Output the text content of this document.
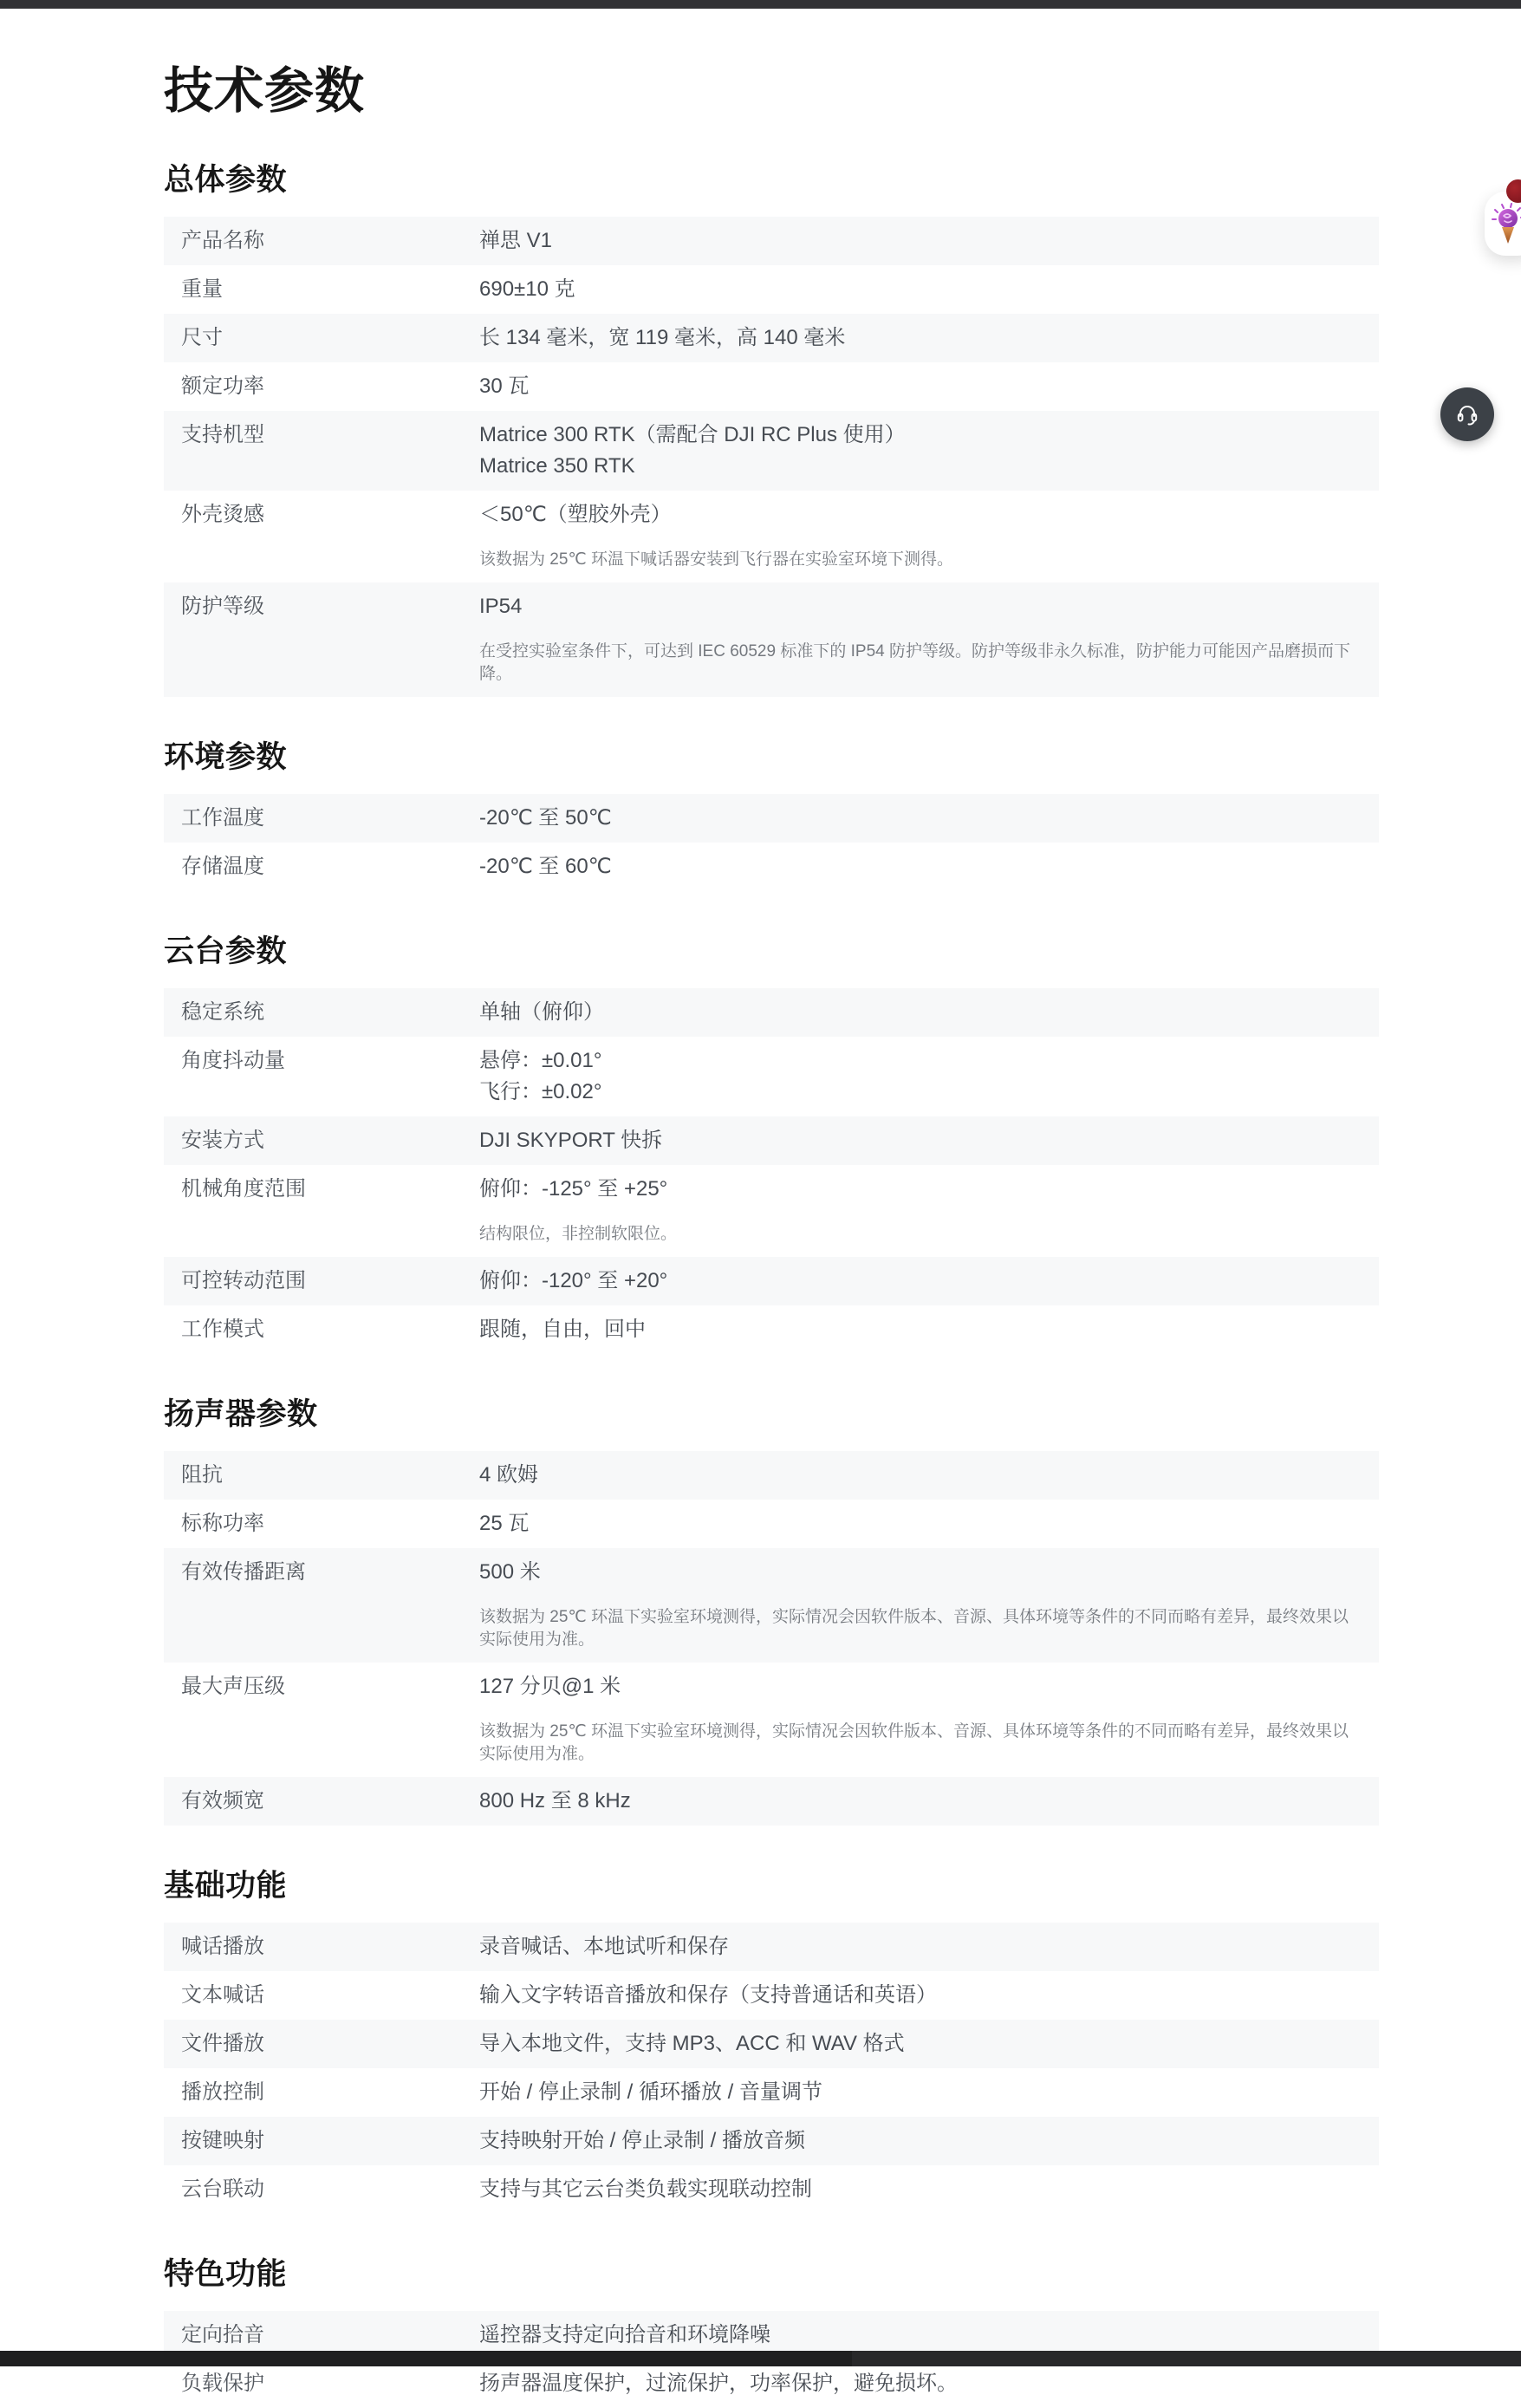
技术参数
总体参数
产品名称	禅思 V1
重量	690±10 克
尺寸	长 134 毫米，宽 119 毫米，高 140 毫米
额定功率	30 瓦
支持机型	Matrice 300 RTK（需配合 DJI RC Plus 使用）
Matrice 350 RTK
外壳烫感	＜50℃（塑胶外壳）
该数据为 25℃ 环温下喊话器安装到飞行器在实验室环境下测得。
防护等级	IP54
在受控实验室条件下，可达到 IEC 60529 标准下的 IP54 防护等级。防护等级非永久标准，防护能力可能因产品磨损而下降。
环境参数
工作温度	-20℃ 至 50℃
存储温度	-20℃ 至 60℃
云台参数
稳定系统	单轴（俯仰）
角度抖动量	悬停：±0.01°
飞行：±0.02°
安装方式	DJI SKYPORT 快拆
机械角度范围	俯仰：-125° 至 +25°
结构限位，非控制软限位。
可控转动范围	俯仰：-120° 至 +20°
工作模式	跟随，自由，回中
扬声器参数
阻抗	4 欧姆
标称功率	25 瓦
有效传播距离	500 米
该数据为 25℃ 环温下实验室环境测得，实际情况会因软件版本、音源、具体环境等条件的不同而略有差异，最终效果以实际使用为准。
最大声压级	127 分贝@1 米
该数据为 25℃ 环温下实验室环境测得，实际情况会因软件版本、音源、具体环境等条件的不同而略有差异，最终效果以实际使用为准。
有效频宽	800 Hz 至 8 kHz
基础功能
喊话播放	录音喊话、本地试听和保存
文本喊话	输入文字转语音播放和保存（支持普通话和英语）
文件播放	导入本地文件，支持 MP3、ACC 和 WAV 格式
播放控制	开始 / 停止录制 / 循环播放 / 音量调节
按键映射	支持映射开始 / 停止录制 / 播放音频
云台联动	支持与其它云台类负载实现联动控制
特色功能
定向拾音	遥控器支持定向拾音和环境降噪
负载保护	扬声器温度保护，过流保护，功率保护，避免损坏。
